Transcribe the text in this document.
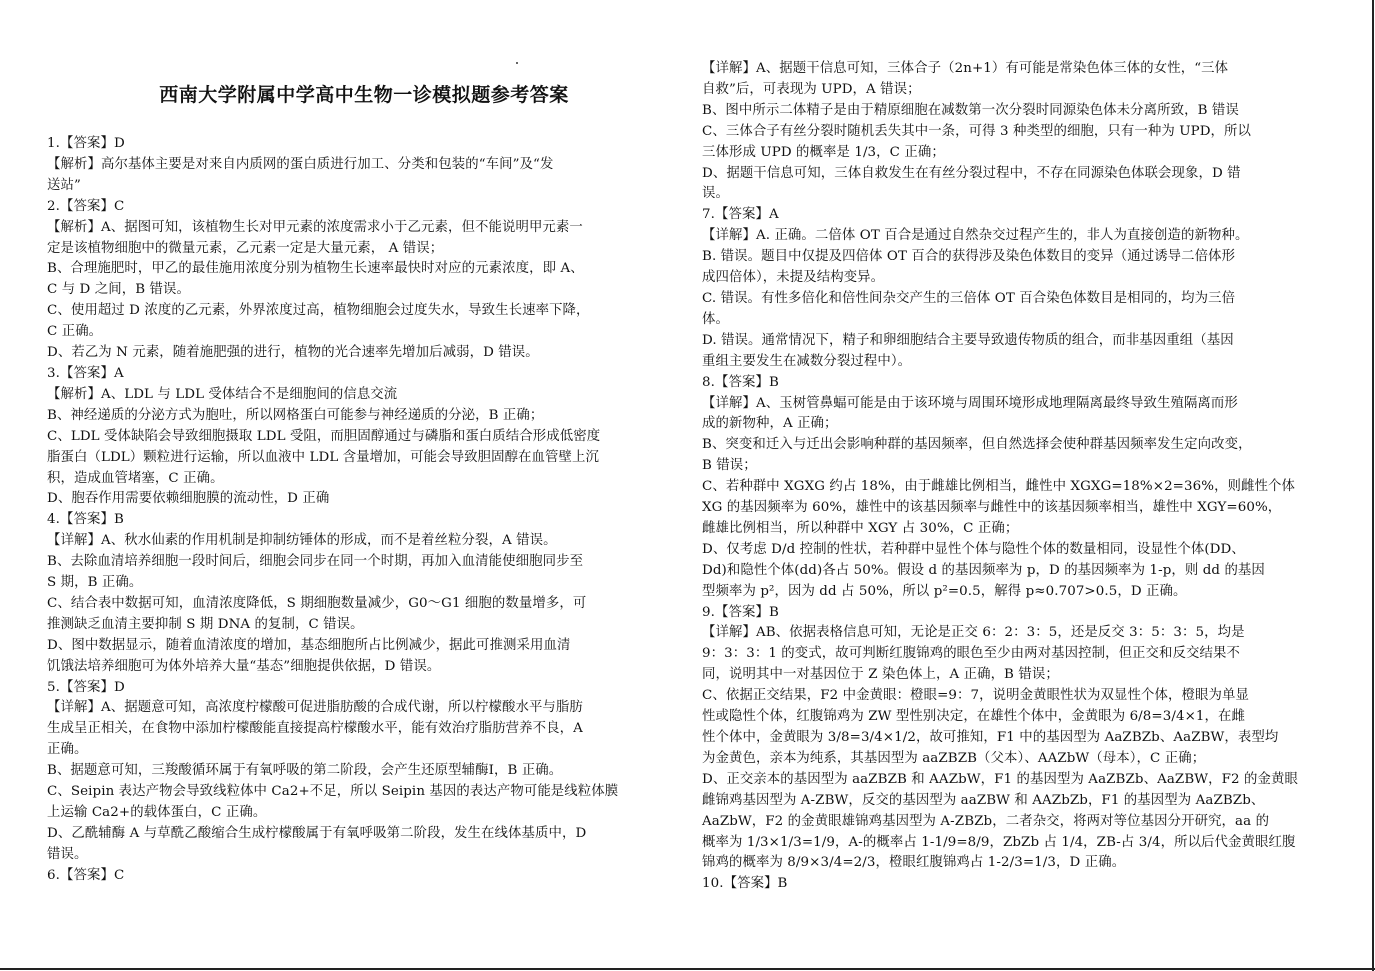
西南大学附属中学高中生物一诊模拟题参考答案
1.【答案】D
【解析】高尔基体主要是对来自内质网的蛋白质进行加工、分类和包装的“车间”及“发
送站”
2.【答案】C
【解析】A、据图可知，该植物生长对甲元素的浓度需求小于乙元素，但不能说明甲元素一
定是该植物细胞中的微量元素，乙元素一定是大量元素， A 错误；
B、合理施肥时，甲乙的最佳施用浓度分别为植物生长速率最快时对应的元素浓度，即 A、
C 与 D 之间，B 错误。
C、使用超过 D 浓度的乙元素，外界浓度过高，植物细胞会过度失水，导致生长速率下降，
C 正确。
D、若乙为 N 元素，随着施肥强的进行，植物的光合速率先增加后减弱，D 错误。
3.【答案】A
【解析】A、LDL 与 LDL 受体结合不是细胞间的信息交流
B、神经递质的分泌方式为胞吐，所以网格蛋白可能参与神经递质的分泌，B 正确；
C、LDL 受体缺陷会导致细胞摄取 LDL 受阻，而胆固醇通过与磷脂和蛋白质结合形成低密度
脂蛋白（LDL）颗粒进行运输，所以血液中 LDL 含量增加，可能会导致胆固醇在血管壁上沉
积，造成血管堵塞，C 正确。
D、胞吞作用需要依赖细胞膜的流动性，D 正确
4.【答案】B
【详解】A、秋水仙素的作用机制是抑制纺锤体的形成，而不是着丝粒分裂，A 错误。
B、去除血清培养细胞一段时间后，细胞会同步在同一个时期，再加入血清能使细胞同步至
S 期，B 正确。
C、结合表中数据可知，血清浓度降低，S 期细胞数量减少，G0～G1 细胞的数量增多，可
推测缺乏血清主要抑制 S 期 DNA 的复制，C 错误。
D、图中数据显示，随着血清浓度的增加，基态细胞所占比例减少，据此可推测采用血清
饥饿法培养细胞可为体外培养大量“基态”细胞提供依据，D 错误。
5.【答案】D
【详解】A、据题意可知，高浓度柠檬酸可促进脂肪酸的合成代谢，所以柠檬酸水平与脂肪
生成呈正相关，在食物中添加柠檬酸能直接提高柠檬酸水平，能有效治疗脂肪营养不良，A
正确。
B、据题意可知，三羧酸循环属于有氧呼吸的第二阶段，会产生还原型辅酶Ⅰ，B 正确。
C、Seipin 表达产物会导致线粒体中 Ca2+不足，所以 Seipin 基因的表达产物可能是线粒体膜
上运输 Ca2+的载体蛋白，C 正确。
D、乙酰辅酶 A 与草酰乙酸缩合生成柠檬酸属于有氧呼吸第二阶段，发生在线体基质中，D
错误。
6.【答案】C
【详解】A、据题干信息可知，三体合子（2n+1）有可能是常染色体三体的女性，“三体
自救”后，可表现为 UPD，A 错误；
B、图中所示二体精子是由于精原细胞在减数第一次分裂时同源染色体未分离所致，B 错误
C、三体合子有丝分裂时随机丢失其中一条，可得 3 种类型的细胞，只有一种为 UPD，所以
三体形成 UPD 的概率是 1/3，C 正确；
D、据题干信息可知，三体自救发生在有丝分裂过程中，不存在同源染色体联会现象，D 错
误。
7.【答案】A
【详解】A. 正确。二倍体 OT 百合是通过自然杂交过程产生的，非人为直接创造的新物种。
B. 错误。题目中仅提及四倍体 OT 百合的获得涉及染色体数目的变异（通过诱导二倍体形
成四倍体），未提及结构变异。
C. 错误。有性多倍化和倍性间杂交产生的三倍体 OT 百合染色体数目是相同的，均为三倍
体。
D. 错误。通常情况下，精子和卵细胞结合主要导致遗传物质的组合，而非基因重组（基因
重组主要发生在减数分裂过程中）。
8.【答案】B
【详解】A、玉树管鼻蝠可能是由于该环境与周围环境形成地理隔离最终导致生殖隔离而形
成的新物种，A 正确；
B、突变和迁入与迁出会影响种群的基因频率，但自然选择会使种群基因频率发生定向改变，
B 错误；
C、若种群中 XGXG 约占 18%，由于雌雄比例相当，雌性中 XGXG=18%×2=36%，则雌性个体
XG 的基因频率为 60%，雄性中的该基因频率与雌性中的该基因频率相当，雄性中 XGY=60%，
雌雄比例相当，所以种群中 XGY 占 30%，C 正确；
D、仅考虑 D/d 控制的性状，若种群中显性个体与隐性个体的数量相同，设显性个体(DD、
Dd)和隐性个体(dd)各占 50%。假设 d 的基因频率为 p，D 的基因频率为 1-p，则 dd 的基因
型频率为 p²，因为 dd 占 50%，所以 p²=0.5，解得 p≈0.707>0.5，D 正确。
9.【答案】B
【详解】AB、依据表格信息可知，无论是正交 6：2：3：5，还是反交 3：5：3：5，均是
9：3：3：1 的变式，故可判断红腹锦鸡的眼色至少由两对基因控制，但正交和反交结果不
同，说明其中一对基因位于 Z 染色体上，A 正确，B 错误；
C、依据正交结果，F2 中金黄眼：橙眼=9：7，说明金黄眼性状为双显性个体，橙眼为单显
性或隐性个体，红腹锦鸡为 ZW 型性别决定，在雄性个体中，金黄眼为 6/8=3/4×1，在雌
性个体中，金黄眼为 3/8=3/4×1/2，故可推知，F1 中的基因型为 AaZBZb、AaZBW，表型均
为金黄色，亲本为纯系，其基因型为 aaZBZB（父本）、AAZbW（母本），C 正确；
D、正交亲本的基因型为 aaZBZB 和 AAZbW，F1 的基因型为 AaZBZb、AaZBW，F2 的金黄眼
雌锦鸡基因型为 A-ZBW，反交的基因型为 aaZBW 和 AAZbZb，F1 的基因型为 AaZBZb、
AaZbW，F2 的金黄眼雄锦鸡基因型为 A-ZBZb，二者杂交，将两对等位基因分开研究，aa 的
概率为 1/3×1/3=1/9，A-的概率占 1-1/9=8/9，ZbZb 占 1/4，ZB-占 3/4，所以后代金黄眼红腹
锦鸡的概率为 8/9×3/4=2/3，橙眼红腹锦鸡占 1-2/3=1/3，D 正确。
10.【答案】B
